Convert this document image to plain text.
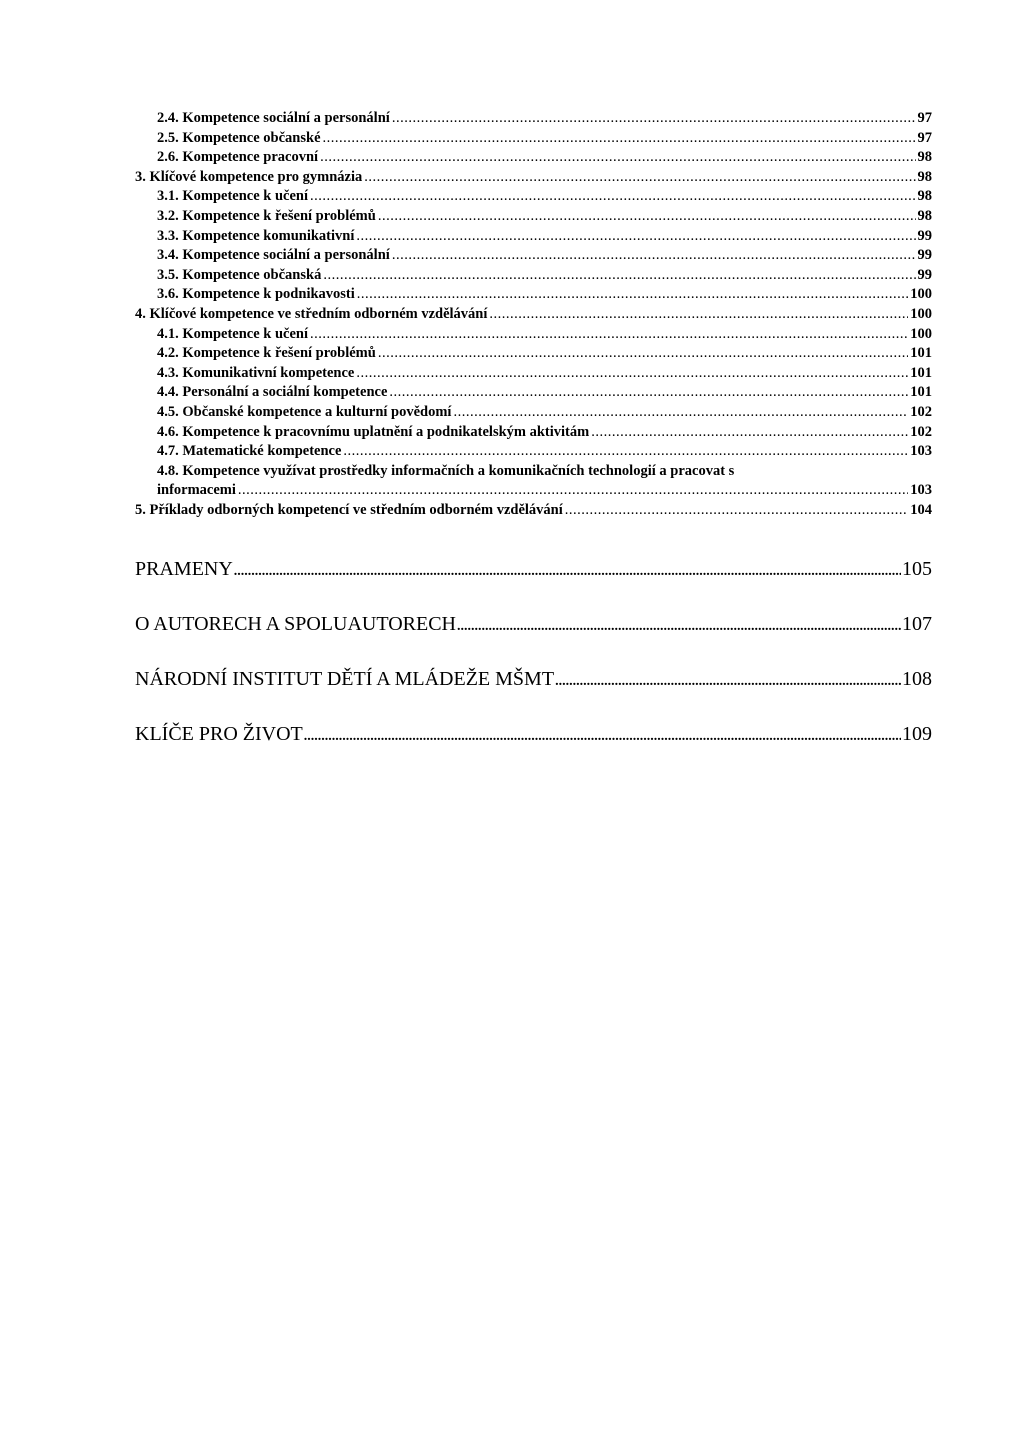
2.4. Kompetence sociální a personální .....	97
2.5. Kompetence občanské .....	97
2.6. Kompetence pracovní .....	98
3. Klíčové kompetence pro gymnázia .....	98
3.1. Kompetence k učení .....	98
3.2. Kompetence k řešení problémů .....	98
3.3. Kompetence komunikativní .....	99
3.4. Kompetence sociální a personální .....	99
3.5. Kompetence občanská .....	99
3.6. Kompetence k podnikavosti .....	100
4. Klíčové kompetence ve středním odborném vzdělávání .....	100
4.1. Kompetence k učení .....	100
4.2. Kompetence k řešení problémů .....	101
4.3. Komunikativní kompetence .....	101
4.4. Personální a sociální kompetence .....	101
4.5. Občanské kompetence a kulturní povědomí .....	102
4.6. Kompetence k pracovnímu uplatnění a podnikatelským aktivitám .....	102
4.7. Matematické kompetence .....	103
4.8. Kompetence využívat prostředky informačních a komunikačních technologií a pracovat s
informacemi .....	103
5. Příklady odborných kompetencí ve středním odborném vzdělávání .....	104
PRAMENY .....	105
O AUTORECH A SPOLUAUTORECH .....	107
NÁRODNÍ INSTITUT DĚTÍ A MLÁDEŽE MŠMT .....	108
KLÍČE PRO ŽIVOT .....	109
